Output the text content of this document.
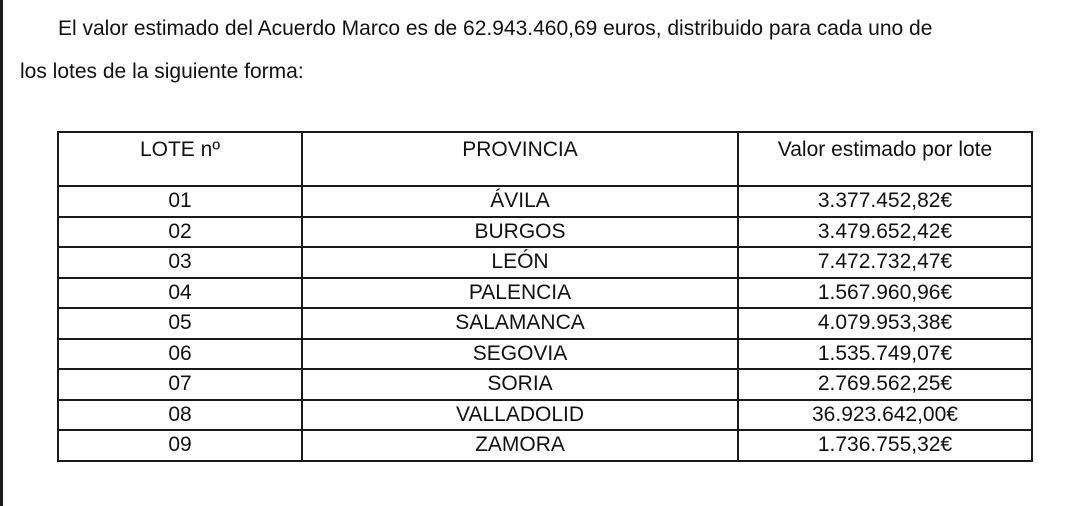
El valor estimado del Acuerdo Marco es de 62.943.460,69 euros, distribuido para cada uno de
los lotes de la siguiente forma:

LOTE nº	PROVINCIA	Valor estimado por lote
01	ÁVILA	3.377.452,82€
02	BURGOS	3.479.652,42€
03	LEÓN	7.472.732,47€
04	PALENCIA	1.567.960,96€
05	SALAMANCA	4.079.953,38€
06	SEGOVIA	1.535.749,07€
07	SORIA	2.769.562,25€
08	VALLADOLID	36.923.642,00€
09	ZAMORA	1.736.755,32€
